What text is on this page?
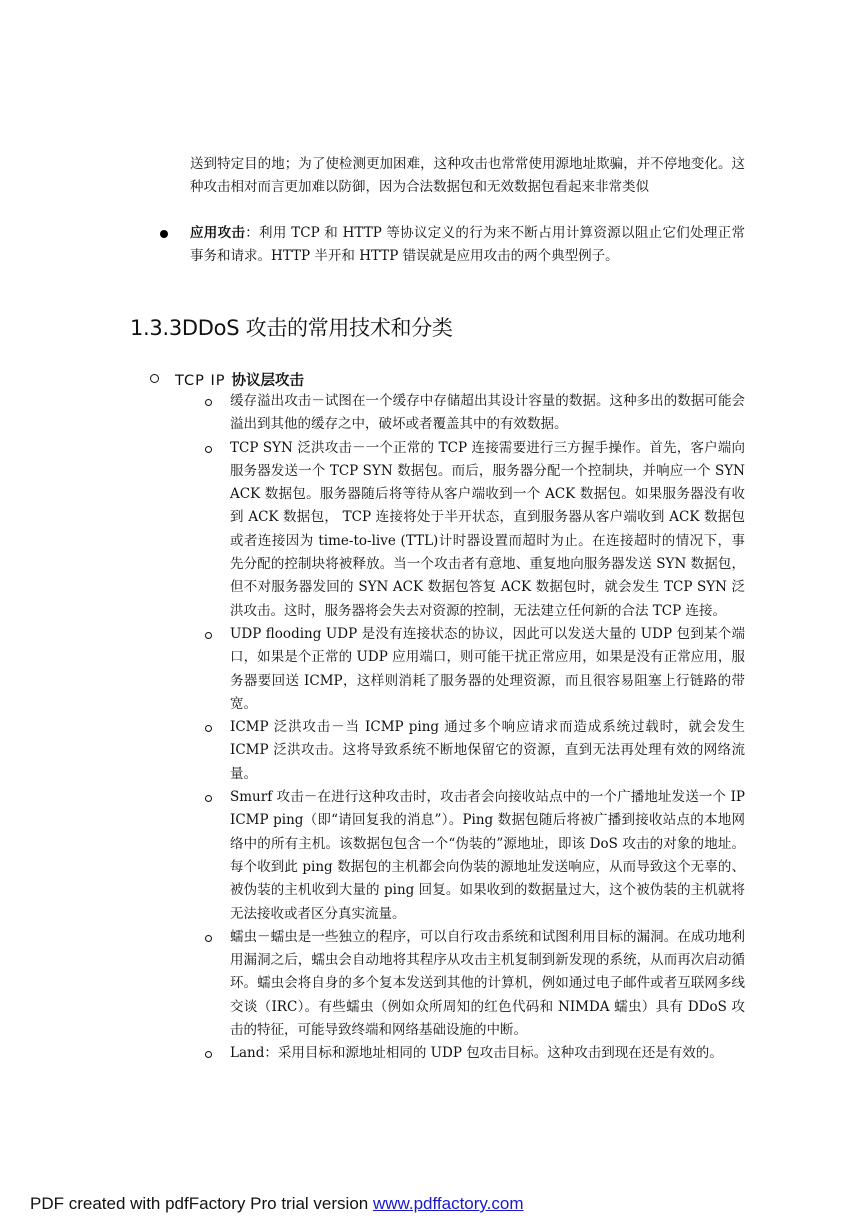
送到特定目的地；为了使检测更加困难，这种攻击也常常使用源地址欺骗，并不停地变化。这种攻击相对而言更加难以防御，因为合法数据包和无效数据包看起来非常类似
应用攻击：利用 TCP 和 HTTP 等协议定义的行为来不断占用计算资源以阻止它们处理正常事务和请求。HTTP 半开和 HTTP 错误就是应用攻击的两个典型例子。
1.3.3DDoS 攻击的常用技术和分类
TCP IP 协议层攻击
缓存溢出攻击－试图在一个缓存中存储超出其设计容量的数据。这种多出的数据可能会溢出到其他的缓存之中，破坏或者覆盖其中的有效数据。
TCP SYN 泛洪攻击－一个正常的 TCP 连接需要进行三方握手操作。首先，客户端向服务器发送一个 TCP SYN 数据包。而后，服务器分配一个控制块，并响应一个 SYN ACK 数据包。服务器随后将等待从客户端收到一个 ACK 数据包。如果服务器没有收到 ACK 数据包， TCP 连接将处于半开状态，直到服务器从客户端收到 ACK 数据包或者连接因为 time-to-live (TTL)计时器设置而超时为止。在连接超时的情况下，事先分配的控制块将被释放。当一个攻击者有意地、重复地向服务器发送 SYN 数据包，但不对服务器发回的 SYN ACK 数据包答复 ACK 数据包时，就会发生 TCP SYN 泛洪攻击。这时，服务器将会失去对资源的控制，无法建立任何新的合法 TCP 连接。
UDP flooding UDP 是没有连接状态的协议，因此可以发送大量的 UDP 包到某个端口，如果是个正常的 UDP 应用端口，则可能干扰正常应用，如果是没有正常应用，服务器要回送 ICMP，这样则消耗了服务器的处理资源，而且很容易阻塞上行链路的带宽。
ICMP 泛洪攻击－当 ICMP ping 通过多个响应请求而造成系统过载时，就会发生 ICMP 泛洪攻击。这将导致系统不断地保留它的资源，直到无法再处理有效的网络流量。
Smurf 攻击－在进行这种攻击时，攻击者会向接收站点中的一个广播地址发送一个 IP ICMP ping（即“请回复我的消息”）。Ping 数据包随后将被广播到接收站点的本地网络中的所有主机。该数据包包含一个“伪装的”源地址，即该 DoS 攻击的对象的地址。每个收到此 ping 数据包的主机都会向伪装的源地址发送响应，从而导致这个无辜的、被伪装的主机收到大量的 ping 回复。如果收到的数据量过大，这个被伪装的主机就将无法接收或者区分真实流量。
蠕虫－蠕虫是一些独立的程序，可以自行攻击系统和试图利用目标的漏洞。在成功地利用漏洞之后，蠕虫会自动地将其程序从攻击主机复制到新发现的系统，从而再次启动循环。蠕虫会将自身的多个复本发送到其他的计算机，例如通过电子邮件或者互联网多线交谈（IRC）。有些蠕虫（例如众所周知的红色代码和 NIMDA 蠕虫）具有 DDoS 攻击的特征，可能导致终端和网络基础设施的中断。
Land：采用目标和源地址相同的 UDP 包攻击目标。这种攻击到现在还是有效的。
PDF created with pdfFactory Pro trial version www.pdffactory.com
